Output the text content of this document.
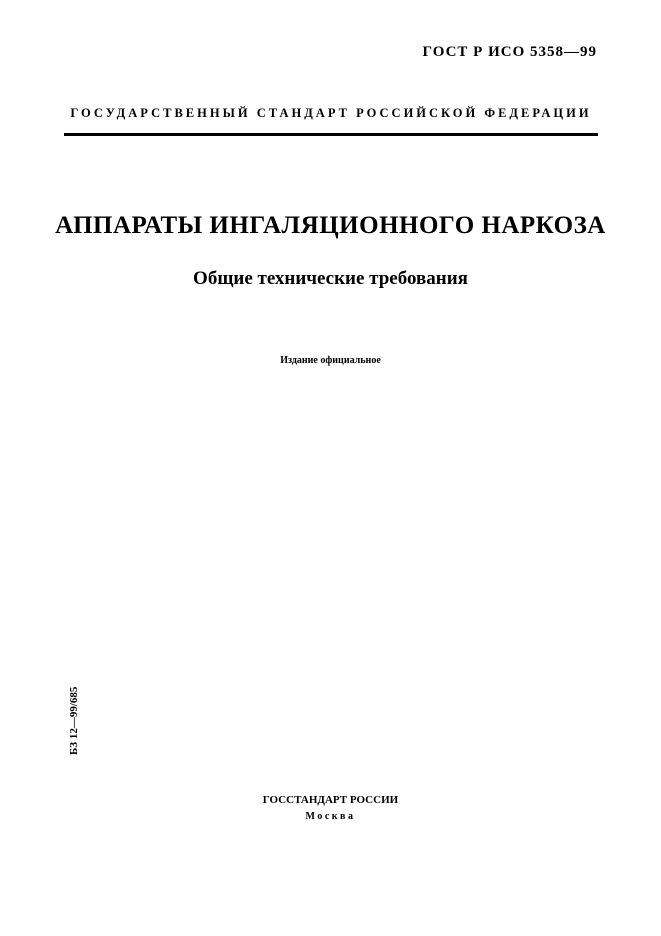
ГОСТ Р ИСО 5358—99
ГОСУДАРСТВЕННЫЙ СТАНДАРТ РОССИЙСКОЙ ФЕДЕРАЦИИ
АППАРАТЫ ИНГАЛЯЦИОННОГО НАРКОЗА
Общие технические требования
Издание официальное
БЗ 12—99/685
ГОССТАНДАРТ РОССИИ
Москва
